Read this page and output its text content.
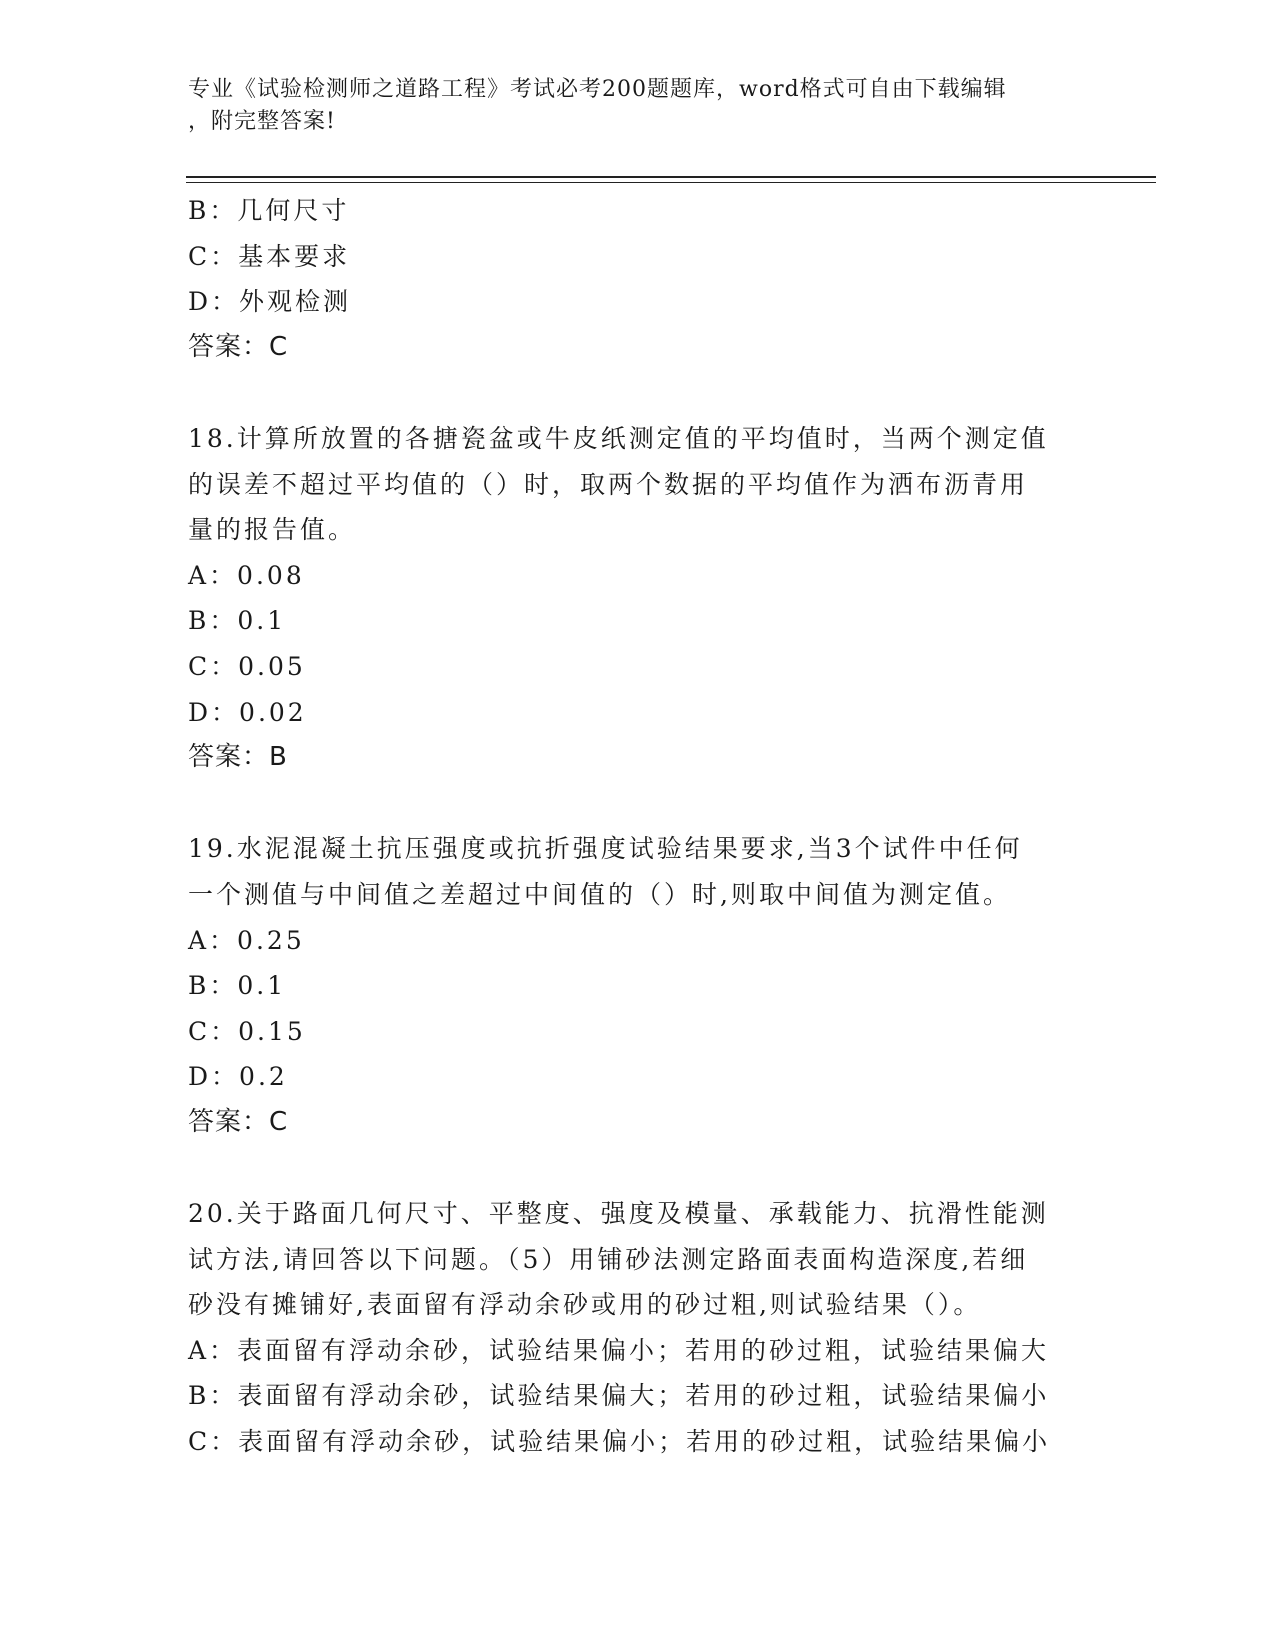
专业《试验检测师之道路工程》考试必考200题题库，word格式可自由下载编辑
，附完整答案!
B：几何尺寸
C：基本要求
D：外观检测
答案：C
18.计算所放置的各搪瓷盆或牛皮纸测定值的平均值时，当两个测定值
的误差不超过平均值的（）时，取两个数据的平均值作为洒布沥青用
量的报告值。
A：0.08
B：0.1
C：0.05
D：0.02
答案：B
19.水泥混凝土抗压强度或抗折强度试验结果要求,当3个试件中任何
一个测值与中间值之差超过中间值的（）时,则取中间值为测定值。
A：0.25
B：0.1
C：0.15
D：0.2
答案：C
20.关于路面几何尺寸、平整度、强度及模量、承载能力、抗滑性能测
试方法,请回答以下问题。（5）用铺砂法测定路面表面构造深度,若细
砂没有摊铺好,表面留有浮动余砂或用的砂过粗,则试验结果（）。
A：表面留有浮动余砂，试验结果偏小；若用的砂过粗，试验结果偏大
B：表面留有浮动余砂，试验结果偏大；若用的砂过粗，试验结果偏小
C：表面留有浮动余砂，试验结果偏小；若用的砂过粗，试验结果偏小
